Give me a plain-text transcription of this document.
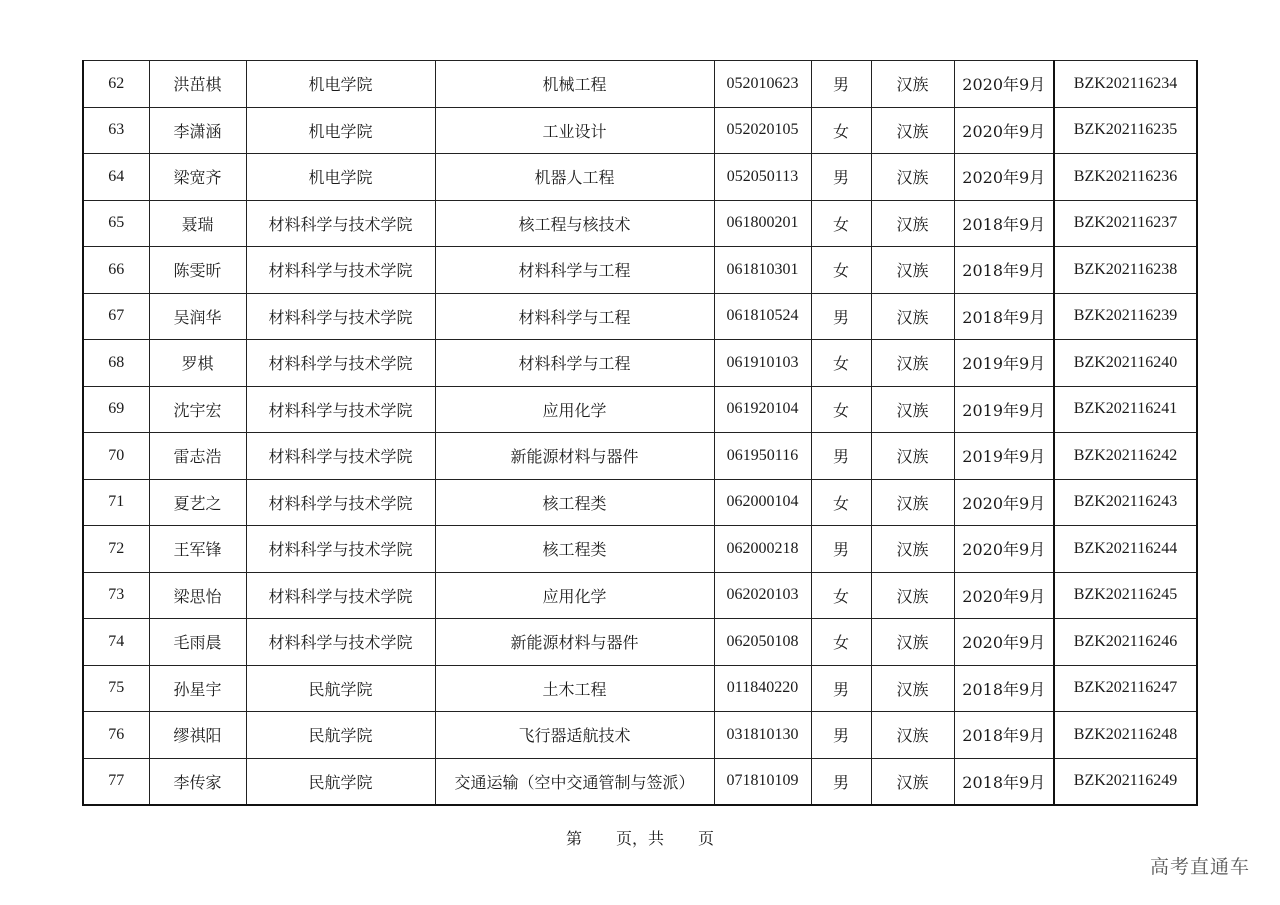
62	洪茁棋	机电学院	机械工程	052010623	男	汉族	2020年9月	BZK202116234
63	李潇涵	机电学院	工业设计	052020105	女	汉族	2020年9月	BZK202116235
64	梁宽齐	机电学院	机器人工程	052050113	男	汉族	2020年9月	BZK202116236
65	聂瑞	材料科学与技术学院	核工程与核技术	061800201	女	汉族	2018年9月	BZK202116237
66	陈雯昕	材料科学与技术学院	材料科学与工程	061810301	女	汉族	2018年9月	BZK202116238
67	吴润华	材料科学与技术学院	材料科学与工程	061810524	男	汉族	2018年9月	BZK202116239
68	罗棋	材料科学与技术学院	材料科学与工程	061910103	女	汉族	2019年9月	BZK202116240
69	沈宇宏	材料科学与技术学院	应用化学	061920104	女	汉族	2019年9月	BZK202116241
70	雷志浩	材料科学与技术学院	新能源材料与器件	061950116	男	汉族	2019年9月	BZK202116242
71	夏艺之	材料科学与技术学院	核工程类	062000104	女	汉族	2020年9月	BZK202116243
72	王军锋	材料科学与技术学院	核工程类	062000218	男	汉族	2020年9月	BZK202116244
73	梁思怡	材料科学与技术学院	应用化学	062020103	女	汉族	2020年9月	BZK202116245
74	毛雨晨	材料科学与技术学院	新能源材料与器件	062050108	女	汉族	2020年9月	BZK202116246
75	孙星宇	民航学院	土木工程	011840220	男	汉族	2018年9月	BZK202116247
76	缪祺阳	民航学院	飞行器适航技术	031810130	男	汉族	2018年9月	BZK202116248
77	李传家	民航学院	交通运输（空中交通管制与签派）	071810109	男	汉族	2018年9月	BZK202116249
第 页，共 页
高考直通车
